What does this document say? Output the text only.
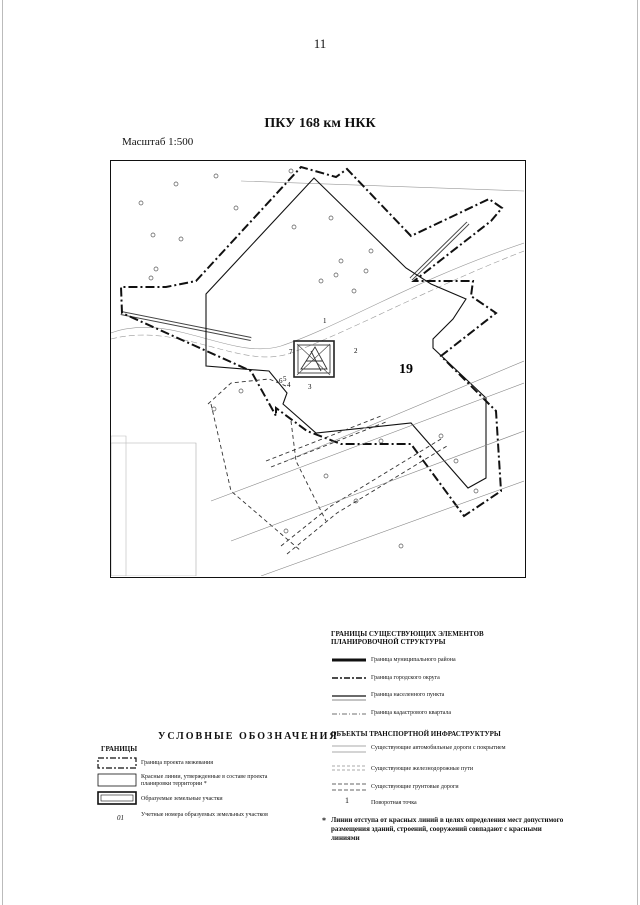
11
ПКУ 168 км НКК
Масштаб 1:500
19
1
2
3
4
5
6
7
УСЛОВНЫЕ ОБОЗНАЧЕНИЯ
ГРАНИЦЫ
01
Граница проекта межевания
Красные линии, утвержденные в составе проекта планировки территории *
Образуемые земельные участки
Учетные номера образуемых земельных участков
ГРАНИЦЫ СУЩЕСТВУЮЩИХ ЭЛЕМЕНТОВ ПЛАНИРОВОЧНОЙ СТРУКТУРЫ
Граница муниципального района
Граница городского округа
Граница населенного пункта
Граница кадастрового квартала
ОБЪЕКТЫ ТРАНСПОРТНОЙ ИНФРАСТРУКТУРЫ
1
Существующие автомобильные дороги с покрытием
Существующие железнодорожные пути
Существующие грунтовые дороги
Поворотная точка
* Линии отступа от красных линий в целях определения мест допустимого размещения зданий, строений, сооружений совпадают с красными линиями
